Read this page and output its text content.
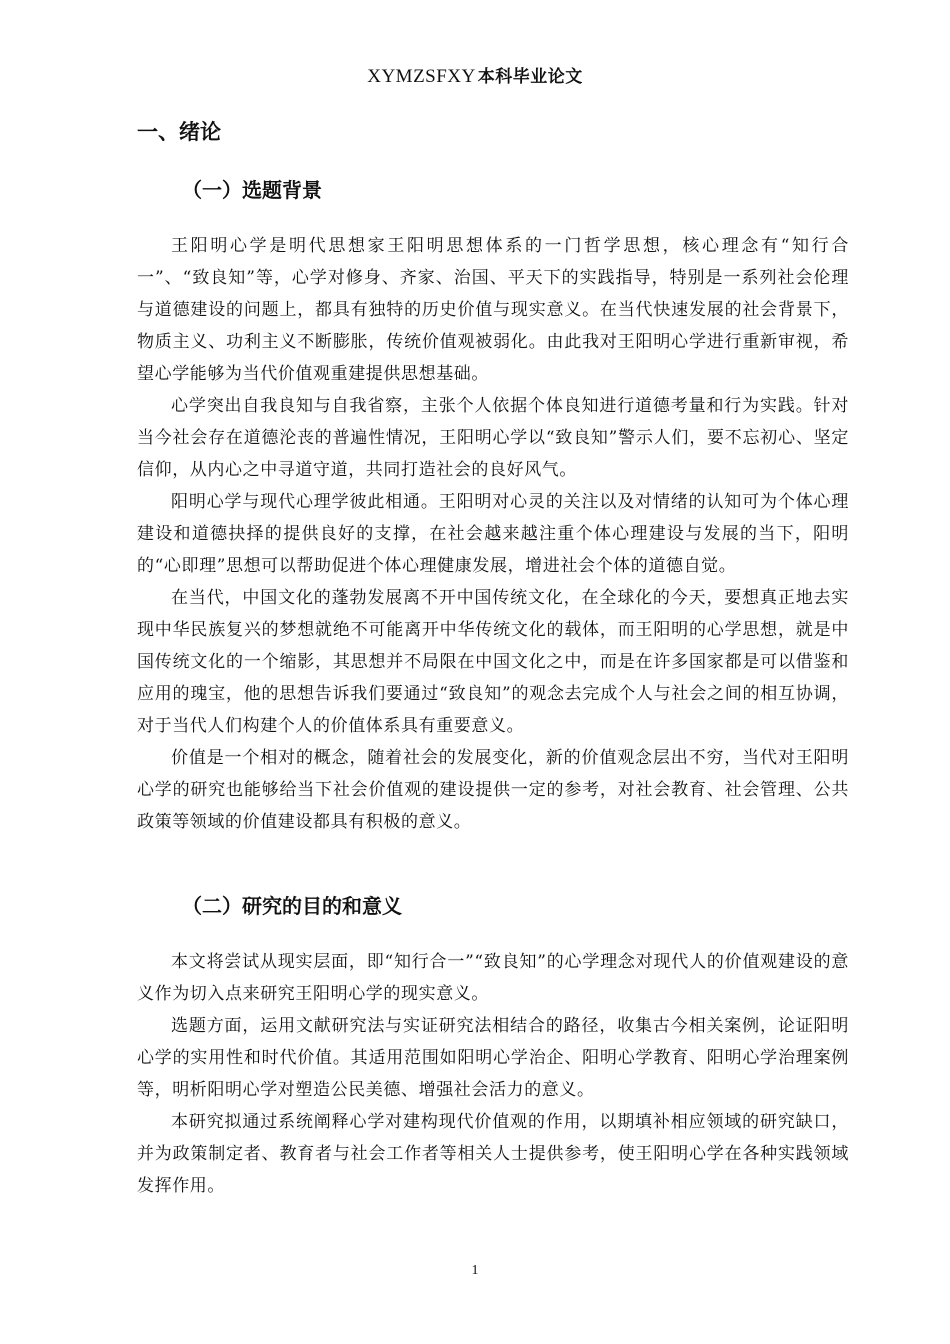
XYMZSFXY 本科毕业论文
一、绪论
（一）选题背景

王阳明心学是明代思想家王阳明思想体系的一门哲学思想，核心理念有“知行合一”、“致良知”等，心学对修身、齐家、治国、平天下的实践指导，特别是一系列社会伦理与道德建设的问题上，都具有独特的历史价值与现实意义。在当代快速发展的社会背景下，物质主义、功利主义不断膨胀，传统价值观被弱化。由此我对王阳明心学进行重新审视，希望心学能够为当代价值观重建提供思想基础。

心学突出自我良知与自我省察，主张个人依据个体良知进行道德考量和行为实践。针对当今社会存在道德沦丧的普遍性情况，王阳明心学以“致良知”警示人们，要不忘初心、坚定信仰，从内心之中寻道守道，共同打造社会的良好风气。

阳明心学与现代心理学彼此相通。王阳明对心灵的关注以及对情绪的认知可为个体心理建设和道德抉择的提供良好的支撑，在社会越来越注重个体心理建设与发展的当下，阳明的“心即理”思想可以帮助促进个体心理健康发展，增进社会个体的道德自觉。

在当代，中国文化的蓬勃发展离不开中国传统文化，在全球化的今天，要想真正地去实现中华民族复兴的梦想就绝不可能离开中华传统文化的载体，而王阳明的心学思想，就是中国传统文化的一个缩影，其思想并不局限在中国文化之中，而是在许多国家都是可以借鉴和应用的瑰宝，他的思想告诉我们要通过“致良知”的观念去完成个人与社会之间的相互协调，对于当代人们构建个人的价值体系具有重要意义。

价值是一个相对的概念，随着社会的发展变化，新的价值观念层出不穷，当代对王阳明心学的研究也能够给当下社会价值观的建设提供一定的参考，对社会教育、社会管理、公共政策等领域的价值建设都具有积极的意义。

（二）研究的目的和意义

本文将尝试从现实层面，即“知行合一”“致良知”的心学理念对现代人的价值观建设的意义作为切入点来研究王阳明心学的现实意义。

选题方面，运用文献研究法与实证研究法相结合的路径，收集古今相关案例，论证阳明心学的实用性和时代价值。其适用范围如阳明心学治企、阳明心学教育、阳明心学治理案例等，明析阳明心学对塑造公民美德、增强社会活力的意义。

本研究拟通过系统阐释心学对建构现代价值观的作用，以期填补相应领域的研究缺口，并为政策制定者、教育者与社会工作者等相关人士提供参考，使王阳明心学在各种实践领域发挥作用。

1
